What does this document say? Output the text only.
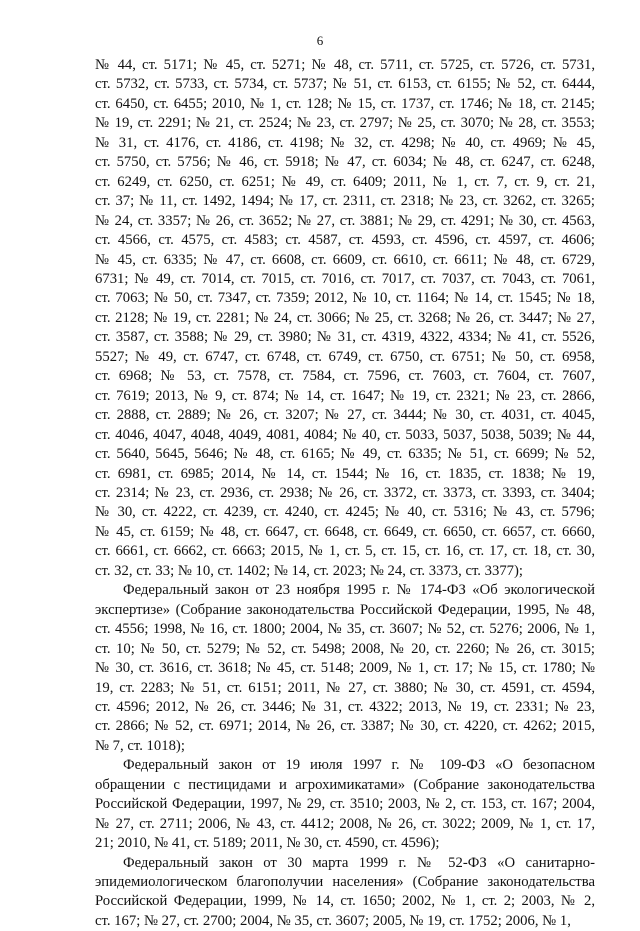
6
№ 44, ст. 5171; № 45, ст. 5271; № 48, ст. 5711, ст. 5725, ст. 5726, ст. 5731,
ст. 5732, ст. 5733, ст. 5734, ст. 5737; № 51, ст. 6153, ст. 6155; № 52, ст. 6444,
ст. 6450, ст. 6455; 2010, № 1, ст. 128; № 15, ст. 1737, ст. 1746; № 18, ст. 2145;
№ 19, ст. 2291; № 21, ст. 2524; № 23, ст. 2797; № 25, ст. 3070; № 28, ст. 3553;
№ 31, ст. 4176, ст. 4186, ст. 4198; № 32, ст. 4298; № 40, ст. 4969; № 45,
ст. 5750, ст. 5756; № 46, ст. 5918; № 47, ст. 6034; № 48, ст. 6247, ст. 6248,
ст. 6249, ст. 6250, ст. 6251; № 49, ст. 6409; 2011, № 1, ст. 7, ст. 9, ст. 21,
ст. 37; № 11, ст. 1492, 1494; № 17, ст. 2311, ст. 2318; № 23, ст. 3262, ст. 3265;
№ 24, ст. 3357; № 26, ст. 3652; № 27, ст. 3881; № 29, ст. 4291; № 30, ст. 4563,
ст. 4566, ст. 4575, ст. 4583; ст. 4587, ст. 4593, ст. 4596, ст. 4597, ст. 4606;
№ 45, ст. 6335; № 47, ст. 6608, ст. 6609, ст. 6610, ст. 6611; № 48, ст. 6729,
6731; № 49, ст. 7014, ст. 7015, ст. 7016, ст. 7017, ст. 7037, ст. 7043, ст. 7061,
ст. 7063; № 50, ст. 7347, ст. 7359; 2012, № 10, ст. 1164; № 14, ст. 1545; № 18,
ст. 2128; № 19, ст. 2281; № 24, ст. 3066; № 25, ст. 3268; № 26, ст. 3447; № 27,
ст. 3587, ст. 3588; № 29, ст. 3980; № 31, ст. 4319, 4322, 4334; № 41, ст. 5526,
5527; № 49, ст. 6747, ст. 6748, ст. 6749, ст. 6750, ст. 6751; № 50, ст. 6958,
ст. 6968; № 53, ст. 7578, ст. 7584, ст. 7596, ст. 7603, ст. 7604, ст. 7607,
ст. 7619; 2013, № 9, ст. 874; № 14, ст. 1647; № 19, ст. 2321; № 23, ст. 2866,
ст. 2888, ст. 2889; № 26, ст. 3207; № 27, ст. 3444; № 30, ст. 4031, ст. 4045,
ст. 4046, 4047, 4048, 4049, 4081, 4084; № 40, ст. 5033, 5037, 5038, 5039; № 44,
ст. 5640, 5645, 5646; № 48, ст. 6165; № 49, ст. 6335; № 51, ст. 6699; № 52,
ст. 6981, ст. 6985; 2014, № 14, ст. 1544; № 16, ст. 1835, ст. 1838; № 19,
ст. 2314; № 23, ст. 2936, ст. 2938; № 26, ст. 3372, ст. 3373, ст. 3393, ст. 3404;
№ 30, ст. 4222, ст. 4239, ст. 4240, ст. 4245; № 40, ст. 5316; № 43, ст. 5796;
№ 45, ст. 6159; № 48, ст. 6647, ст. 6648, ст. 6649, ст. 6650, ст. 6657, ст. 6660,
ст. 6661, ст. 6662, ст. 6663; 2015, № 1, ст. 5, ст. 15, ст. 16, ст. 17, ст. 18, ст. 30,
ст. 32, ст. 33; № 10, ст. 1402; № 14, ст. 2023; № 24, ст. 3373, ст. 3377);
Федеральный закон от 23 ноября 1995 г. № 174-ФЗ «Об экологической
экспертизе» (Собрание законодательства Российской Федерации, 1995, № 48,
ст. 4556; 1998, № 16, ст. 1800; 2004, № 35, ст. 3607; № 52, ст. 5276; 2006, № 1,
ст. 10; № 50, ст. 5279; № 52, ст. 5498; 2008, № 20, ст. 2260; № 26, ст. 3015;
№ 30, ст. 3616, ст. 3618; № 45, ст. 5148; 2009, № 1, ст. 17; № 15, ст. 1780; №
19, ст. 2283; № 51, ст. 6151; 2011, № 27, ст. 3880; № 30, ст. 4591, ст. 4594,
ст. 4596; 2012, № 26, ст. 3446; № 31, ст. 4322; 2013, № 19, ст. 2331; № 23,
ст. 2866; № 52, ст. 6971; 2014, № 26, ст. 3387; № 30, ст. 4220, ст. 4262; 2015,
№ 7, ст. 1018);
Федеральный закон от 19 июля 1997 г. № 109-ФЗ «О безопасном
обращении с пестицидами и агрохимикатами» (Собрание законодательства
Российской Федерации, 1997, № 29, ст. 3510; 2003, № 2, ст. 153, ст. 167; 2004,
№ 27, ст. 2711; 2006, № 43, ст. 4412; 2008, № 26, ст. 3022; 2009, № 1, ст. 17,
21; 2010, № 41, ст. 5189; 2011, № 30, ст. 4590, ст. 4596);
Федеральный закон от 30 марта 1999 г. № 52-ФЗ «О санитарно-
эпидемиологическом благополучии населения» (Собрание законодательства
Российской Федерации, 1999, № 14, ст. 1650; 2002, № 1, ст. 2; 2003, № 2,
ст. 167; № 27, ст. 2700; 2004, № 35, ст. 3607; 2005, № 19, ст. 1752; 2006, № 1,
